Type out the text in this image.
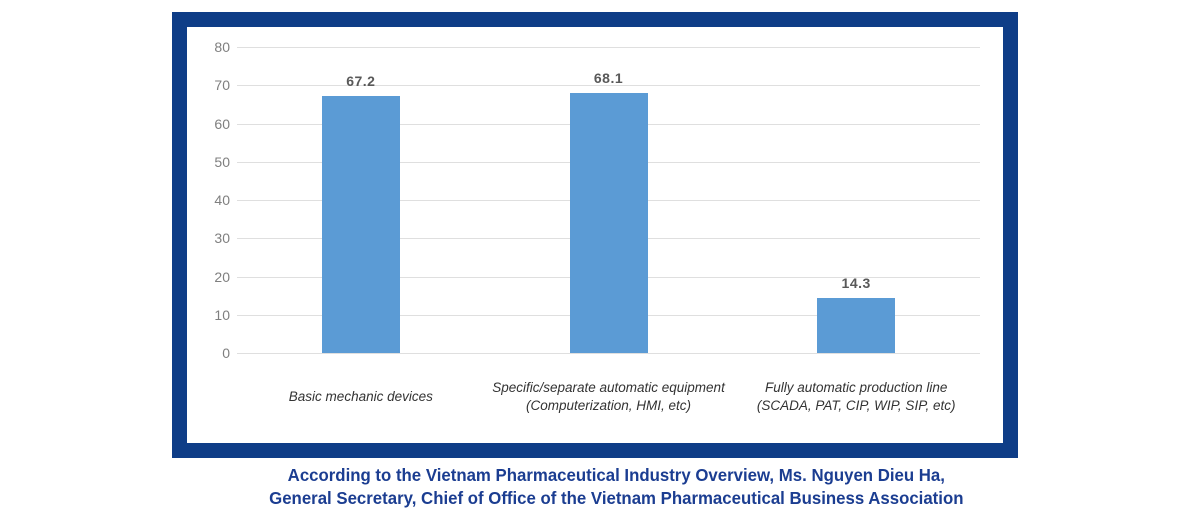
67.2	68.1
14.3
Basic mechanic devices
Specific/separate automatic equipment (Computerization, HMI, etc)
Fully automatic production line (SCADA, PAT, CIP, WIP, SIP, etc)
0
10
20
30
40
50
60
70
80
According to the Vietnam Pharmaceutical Industry Overview, Ms. Nguyen Dieu Ha,
General Secretary, Chief of Office of the Vietnam Pharmaceutical Business Association
